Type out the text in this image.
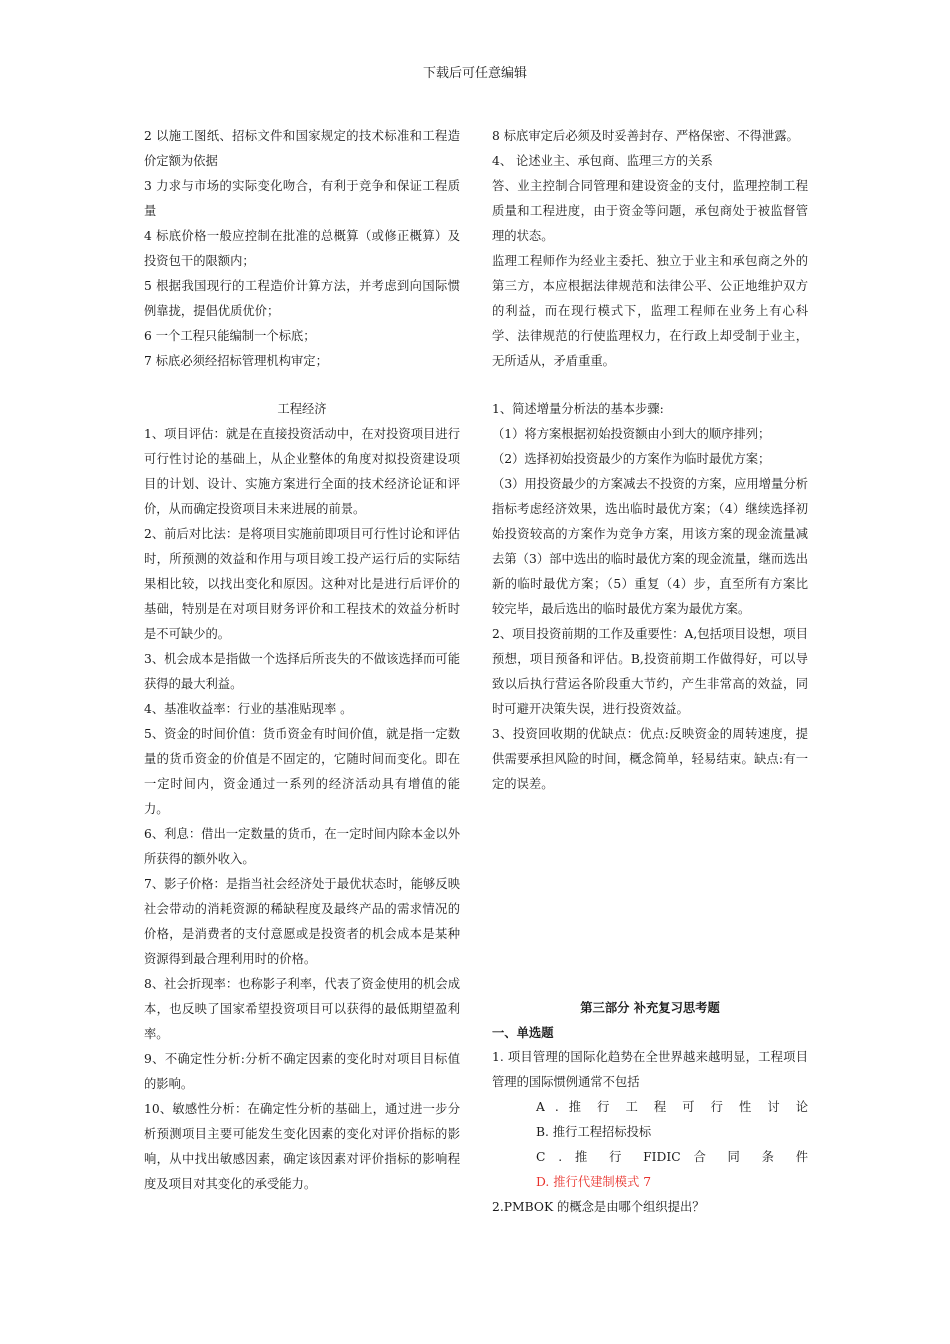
下载后可任意编辑

2 以施工图纸、招标文件和国家规定的技术标准和工程造价定额为依据

3 力求与市场的实际变化吻合，有利于竞争和保证工程质量

4 标底价格一般应控制在批准的总概算（或修正概算）及投资包干的限额内；

5 根据我国现行的工程造价计算方法，并考虑到向国际惯例靠拢，提倡优质优价；

6 一个工程只能编制一个标底；

7 标底必须经招标管理机构审定；

8 标底审定后必须及时妥善封存、严格保密、不得泄露。

4、 论述业主、承包商、监理三方的关系

答、业主控制合同管理和建设资金的支付，监理控制工程质量和工程进度，由于资金等问题，承包商处于被监督管理的状态。

监理工程师作为经业主委托、独立于业主和承包商之外的第三方，本应根据法律规范和法律公平、公正地维护双方的利益，而在现行模式下，监理工程师在业务上有心科学、法律规范的行使监理权力，在行政上却受制于业主，无所适从，矛盾重重。

工程经济

1、项目评估：就是在直接投资活动中，在对投资项目进行可行性讨论的基础上，从企业整体的角度对拟投资建设项目的计划、设计、实施方案进行全面的技术经济论证和评价，从而确定投资项目未来进展的前景。

2、前后对比法：是将项目实施前即项目可行性讨论和评估时，所预测的效益和作用与项目竣工投产运行后的实际结果相比较，以找出变化和原因。这种对比是进行后评价的基础，特别是在对项目财务评价和工程技术的效益分析时是不可缺少的。

3、机会成本是指做一个选择后所丧失的不做该选择而可能获得的最大利益。

4、基准收益率：行业的基准贴现率 。

5、资金的时间价值：货币资金有时间价值，就是指一定数量的货币资金的价值是不固定的，它随时间而变化。即在一定时间内，资金通过一系列的经济活动具有增值的能力。

6、利息：借出一定数量的货币，在一定时间内除本金以外所获得的额外收入。

7、影子价格：是指当社会经济处于最优状态时，能够反映社会带动的消耗资源的稀缺程度及最终产品的需求情况的价格，是消费者的支付意愿或是投资者的机会成本是某种资源得到最合理利用时的价格。

8、社会折现率：也称影子利率，代表了资金使用的机会成本，也反映了国家希望投资项目可以获得的最低期望盈利率。

9、不确定性分析:分析不确定因素的变化时对项目目标值的影响。

10、敏感性分析：在确定性分析的基础上，通过进一步分析预测项目主要可能发生变化因素的变化对评价指标的影响，从中找出敏感因素，确定该因素对评价指标的影响程度及项目对其变化的承受能力。

1、简述增量分析法的基本步骤:

（1）将方案根据初始投资额由小到大的顺序排列；

（2）选择初始投资最少的方案作为临时最优方案；

（3）用投资最少的方案减去不投资的方案，应用增量分析指标考虑经济效果，选出临时最优方案；（4）继续选择初始投资较高的方案作为竞争方案，用该方案的现金流量减去第（3）部中选出的临时最优方案的现金流量，继而选出新的临时最优方案；（5）重复（4）步，直至所有方案比较完毕，最后选出的临时最优方案为最优方案。

2、项目投资前期的工作及重要性：A,包括项目设想，项目预想，项目预备和评估。B,投资前期工作做得好，可以导致以后执行营运各阶段重大节约，产生非常高的效益，同时可避开决策失误，进行投资效益。

3、投资回收期的优缺点：优点:反映资金的周转速度，提供需要承担风险的时间，概念简单，轻易结束。缺点:有一定的误差。

第三部分 补充复习思考题

一、单选题

1. 项目管理的国际化趋势在全世界越来越明显，工程项目管理的国际惯例通常不包括

A . 推 行 工 程 可 行 性 讨 论

B. 推行工程招标投标

C . 推 行 FIDIC 合 同 条 件

D. 推行代建制模式 7

2.PMBOK 的概念是由哪个组织提出？
